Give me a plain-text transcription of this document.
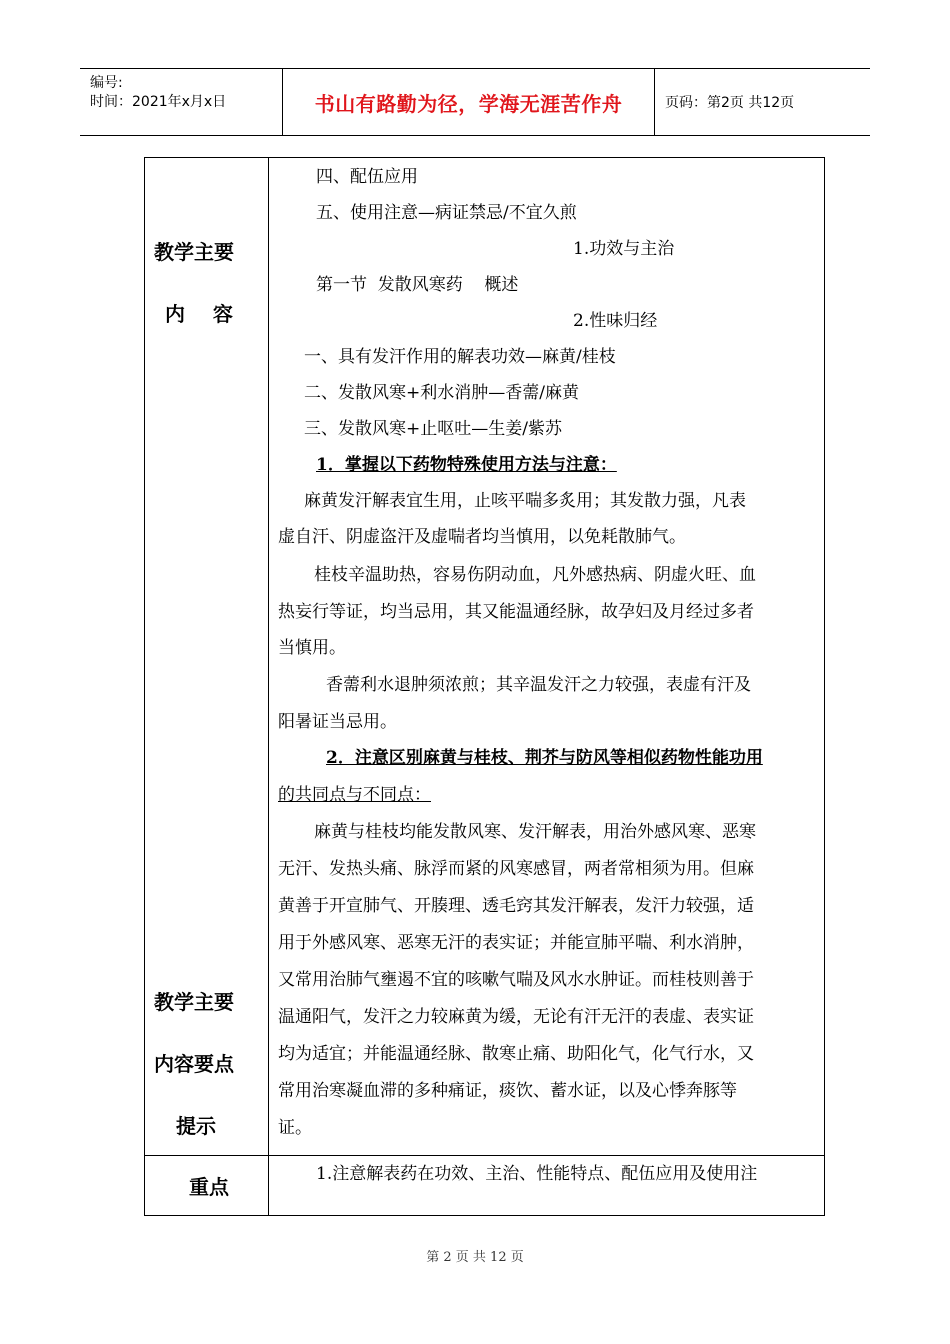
编号:
时间：2021年x月x日	书山有路勤为径，学海无涯苦作舟	页码：第2页 共12页
教学主要
内    容
教学主要
内容要点
提示
重点
四、配伍应用
五、使用注意—病证禁忌/不宜久煎
1.功效与主治
第一节  发散风寒药    概述
2.性味归经
一、具有发汗作用的解表功效—麻黄/桂枝
二、发散风寒+利水消肿—香薷/麻黄
三、发散风寒+止呕吐—生姜/紫苏
1．掌握以下药物特殊使用方法与注意：
麻黄发汗解表宜生用，止咳平喘多炙用；其发散力强，凡表
虚自汗、阴虚盗汗及虚喘者均当慎用，以免耗散肺气。
桂枝辛温助热，容易伤阴动血，凡外感热病、阴虚火旺、血
热妄行等证，均当忌用，其又能温通经脉，故孕妇及月经过多者
当慎用。
香薷利水退肿须浓煎；其辛温发汗之力较强，表虚有汗及
阳暑证当忌用。
2．注意区别麻黄与桂枝、荆芥与防风等相似药物性能功用
的共同点与不同点：
麻黄与桂枝均能发散风寒、发汗解表，用治外感风寒、恶寒
无汗、发热头痛、脉浮而紧的风寒感冒，两者常相须为用。但麻
黄善于开宣肺气、开腠理、透毛窍其发汗解表，发汗力较强，适
用于外感风寒、恶寒无汗的表实证；并能宣肺平喘、利水消肿，
又常用治肺气壅遏不宜的咳嗽气喘及风水水肿证。而桂枝则善于
温通阳气，发汗之力较麻黄为缓，无论有汗无汗的表虚、表实证
均为适宜；并能温通经脉、散寒止痛、助阳化气，化气行水，又
常用治寒凝血滞的多种痛证，痰饮、蓄水证，以及心悸奔豚等
证。
1.注意解表药在功效、主治、性能特点、配伍应用及使用注
第 2 页 共 12 页
